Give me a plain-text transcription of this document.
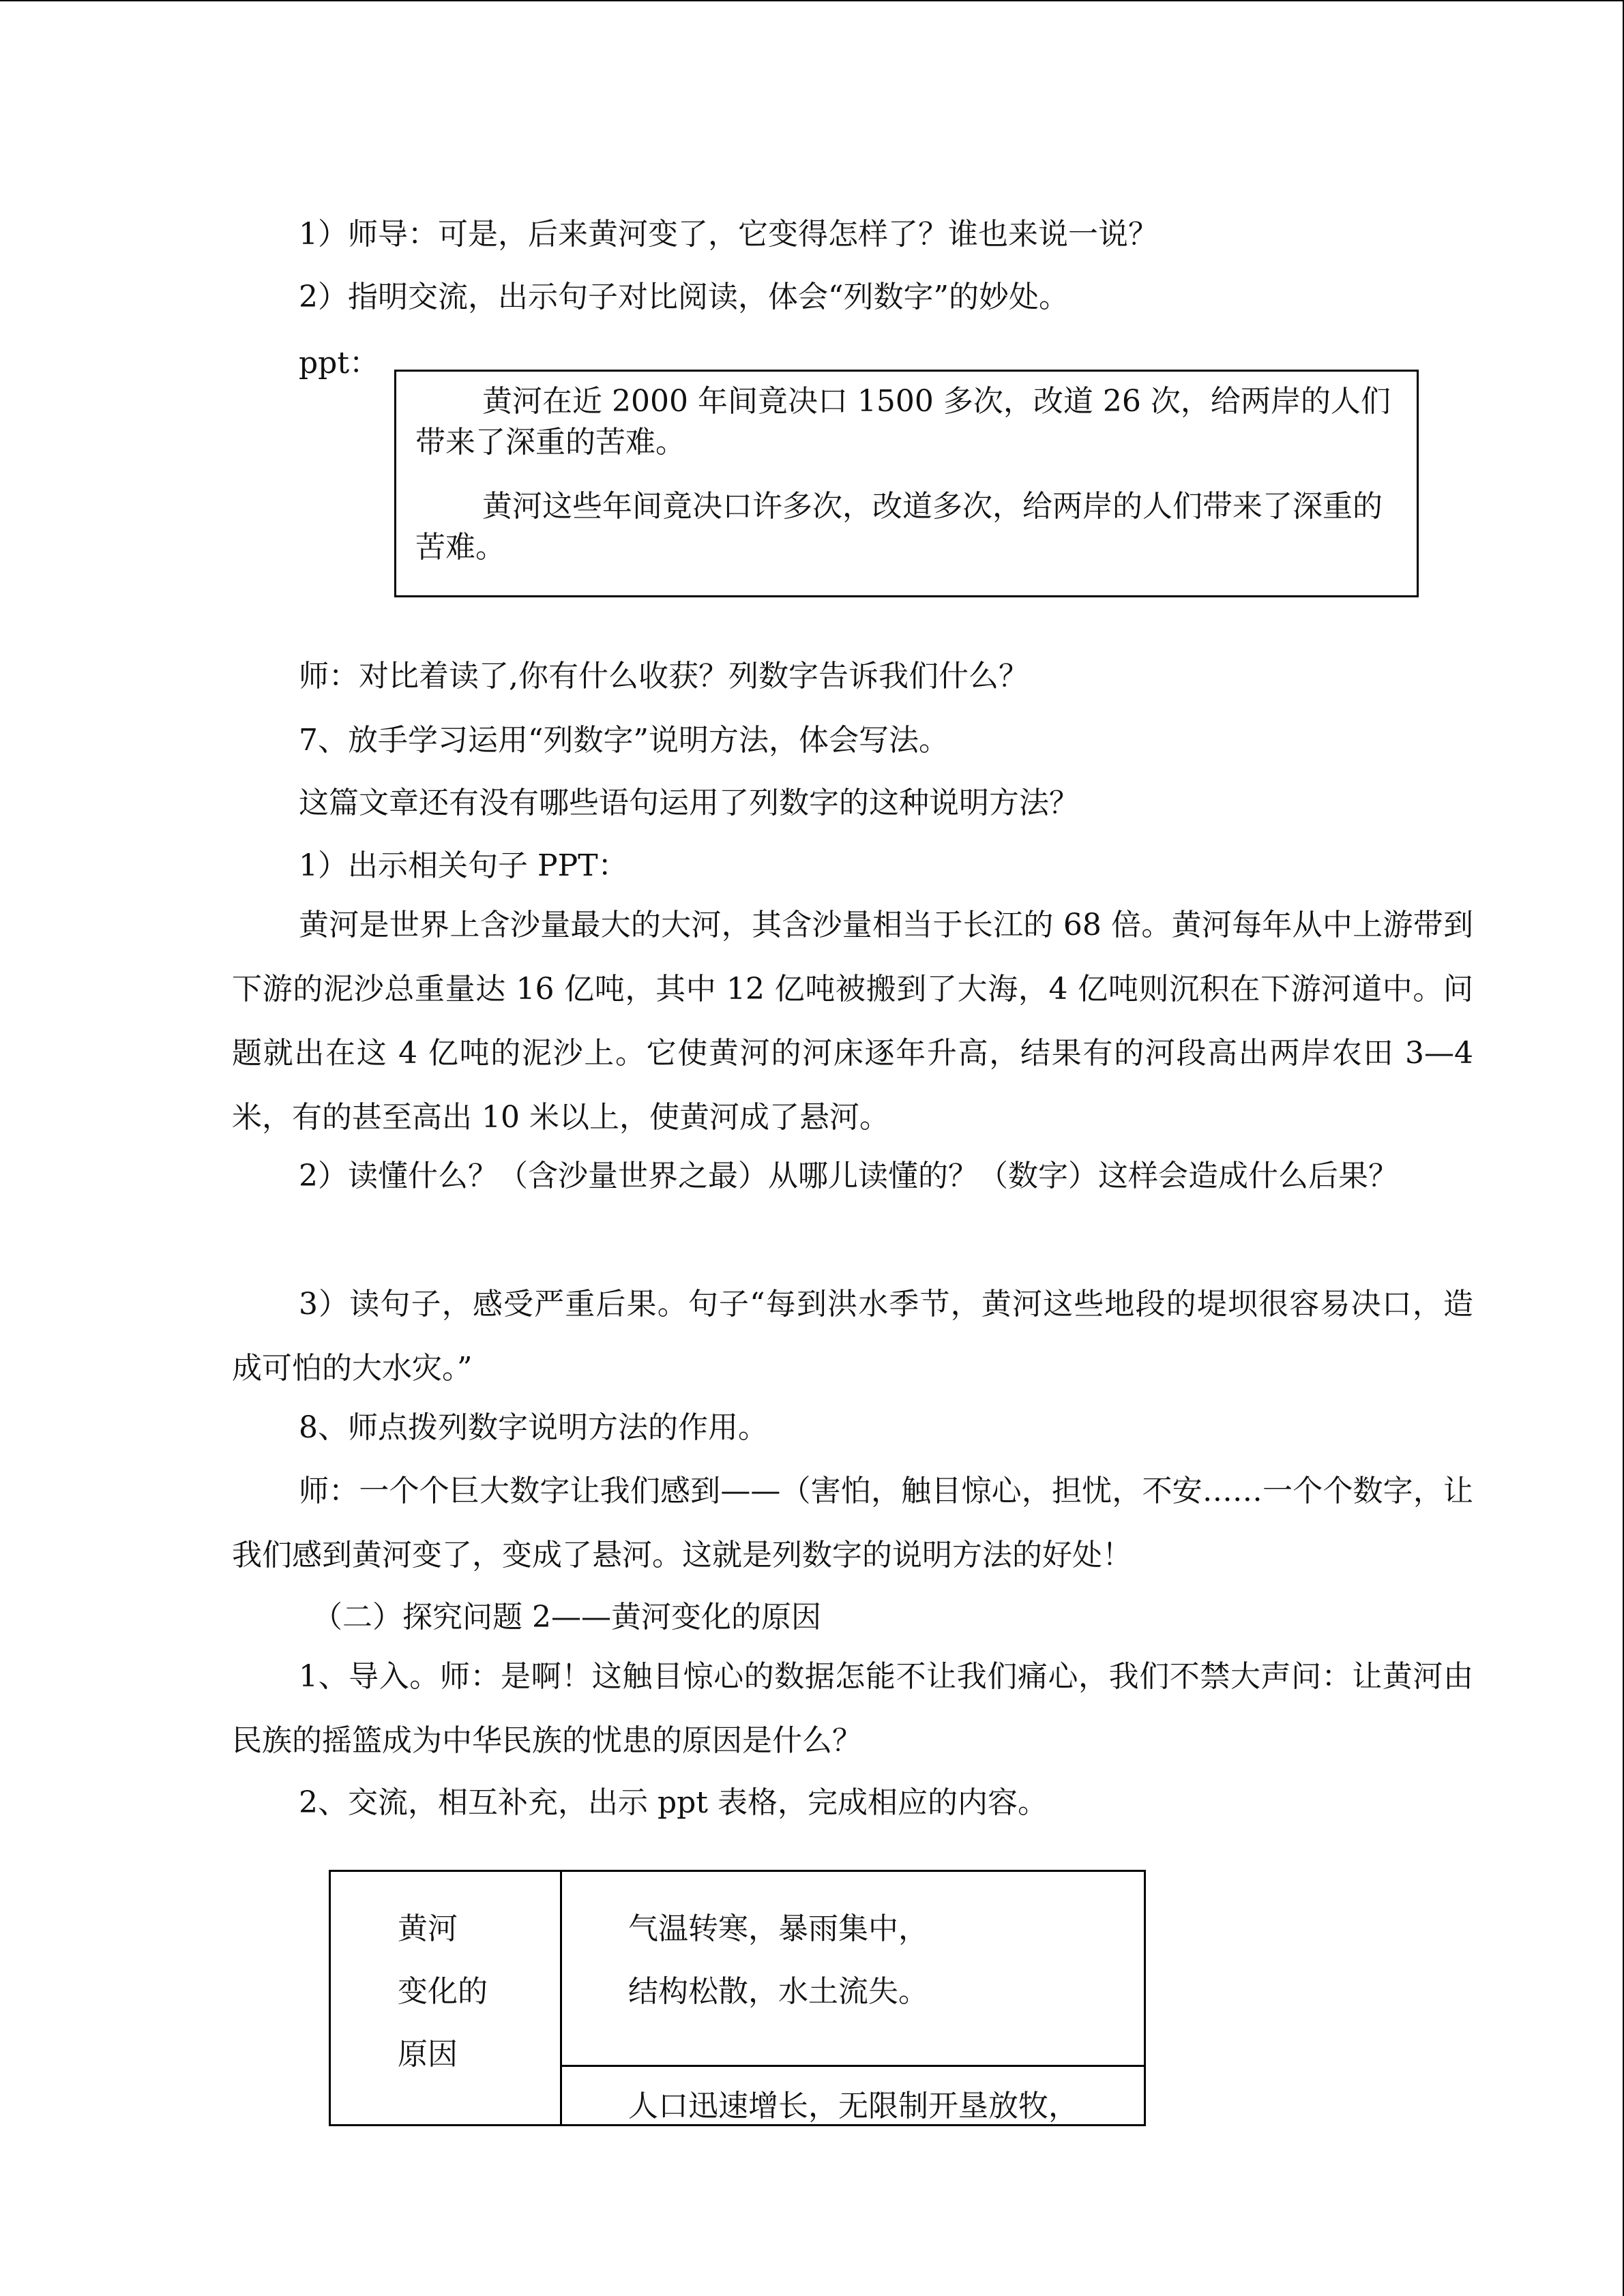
1）师导：可是，后来黄河变了，它变得怎样了？谁也来说一说？
2）指明交流，出示句子对比阅读，体会“列数字”的妙处。
ppt：

黄河在近 2000 年间竟决口 1500 多次，改道 26 次，给两岸的人们带来了深重的苦难。

黄河这些年间竟决口许多次，改道多次，给两岸的人们带来了深重的苦难。

师：对比着读了,你有什么收获？列数字告诉我们什么？
7、放手学习运用“列数字”说明方法，体会写法。
这篇文章还有没有哪些语句运用了列数字的这种说明方法？
1）出示相关句子 PPT：
黄河是世界上含沙量最大的大河，其含沙量相当于长江的 68 倍。黄河每年从中上游带到下游的泥沙总重量达 16 亿吨，其中 12 亿吨被搬到了大海，4 亿吨则沉积在下游河道中。问题就出在这 4 亿吨的泥沙上。它使黄河的河床逐年升高，结果有的河段高出两岸农田 3—4 米，有的甚至高出 10 米以上，使黄河成了悬河。
2）读懂什么？（含沙量世界之最）从哪儿读懂的？（数字）这样会造成什么后果？
3）读句子，感受严重后果。句子“每到洪水季节，黄河这些地段的堤坝很容易决口，造成可怕的大水灾。”
8、师点拨列数字说明方法的作用。
师：一个个巨大数字让我们感到——（害怕，触目惊心，担忧，不安……一个个数字，让我们感到黄河变了，变成了悬河。这就是列数字的说明方法的好处！
（二）探究问题 2——黄河变化的原因
1、导入。师：是啊！这触目惊心的数据怎能不让我们痛心，我们不禁大声问：让黄河由民族的摇篮成为中华民族的忧患的原因是什么？
2、交流，相互补充，出示 ppt 表格，完成相应的内容。
黄河
变化的
原因
气温转寒，暴雨集中，
结构松散，水土流失。
人口迅速增长，无限制开垦放牧，
